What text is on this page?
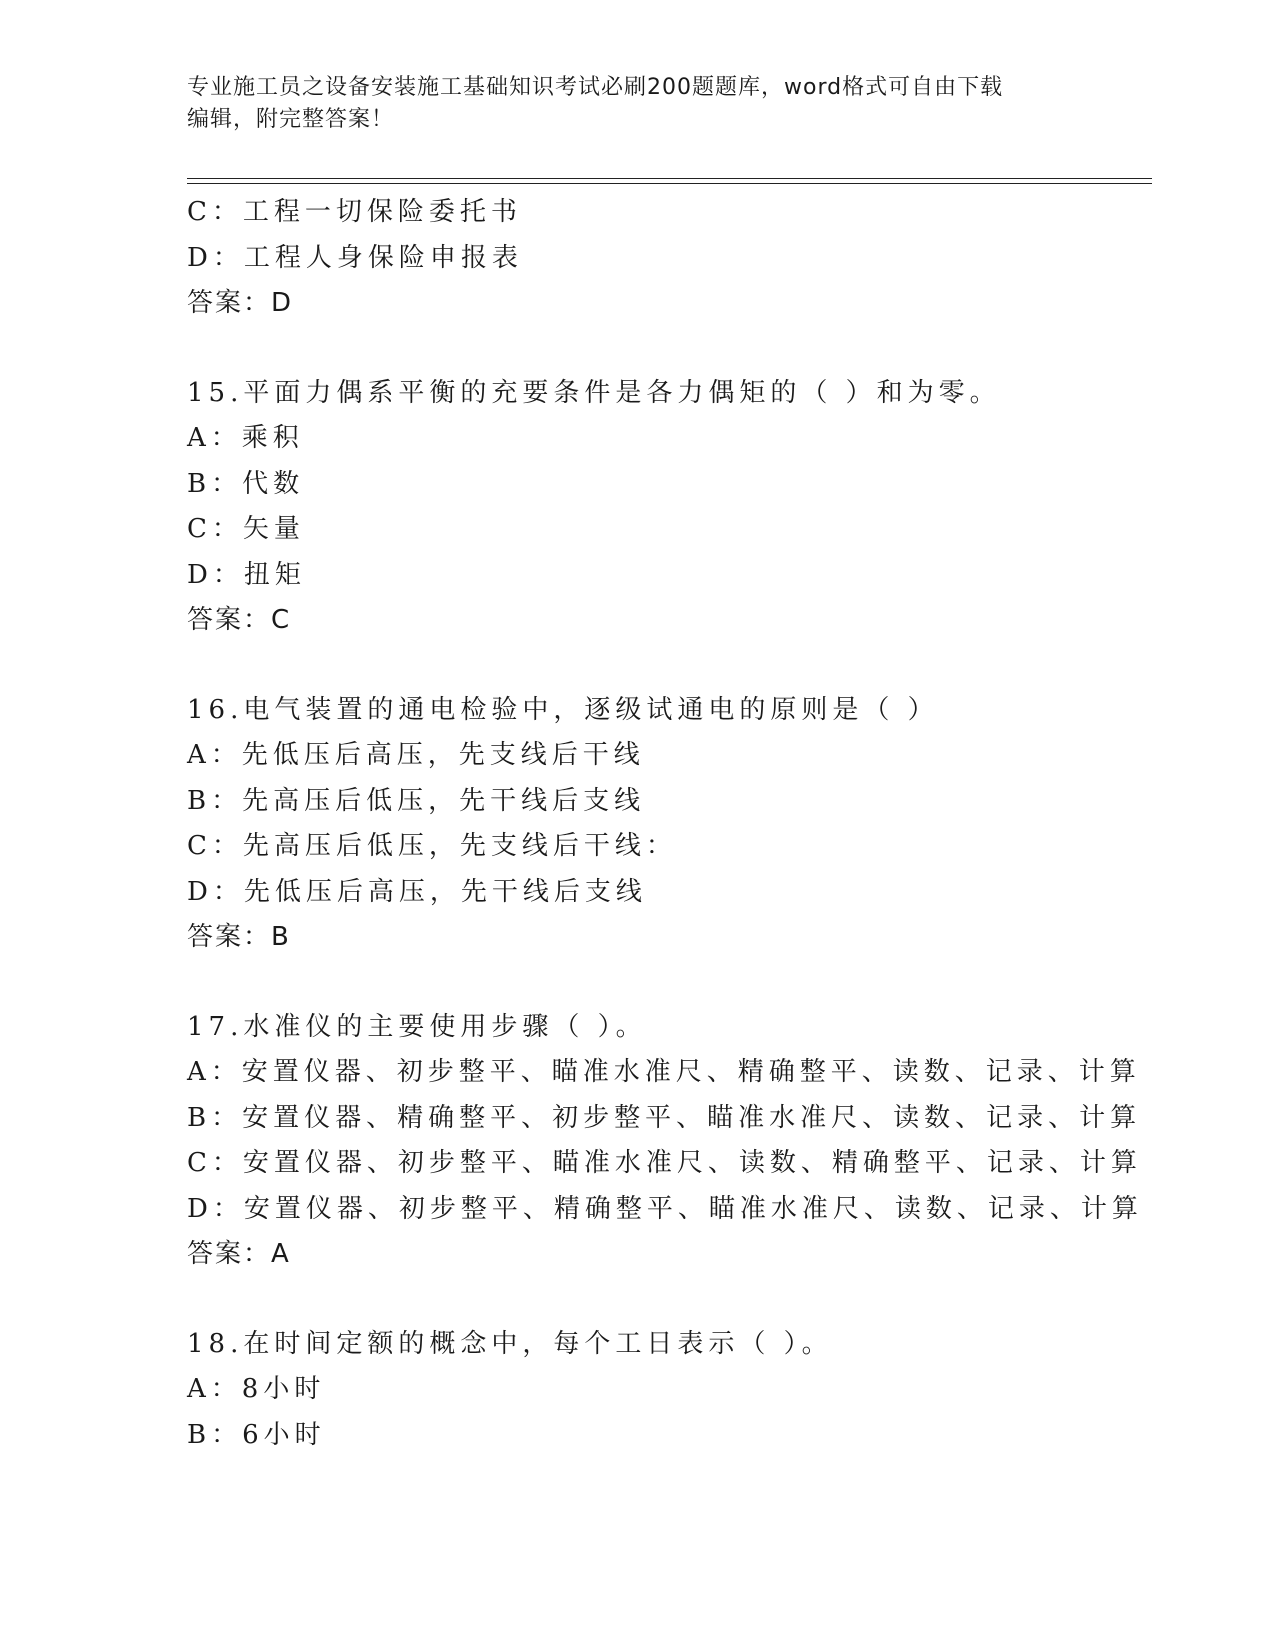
专业施工员之设备安装施工基础知识考试必刷200题题库，word格式可自由下载
编辑，附完整答案！
C：工程一切保险委托书
D：工程人身保险申报表
答案：D
15.平面力偶系平衡的充要条件是各力偶矩的（ ）和为零。
A：乘积
B：代数
C：矢量
D：扭矩
答案：C
16.电气装置的通电检验中，逐级试通电的原则是（ ）
A：先低压后高压，先支线后干线
B：先高压后低压，先干线后支线
C：先高压后低压，先支线后干线：
D：先低压后高压，先干线后支线
答案：B
17.水准仪的主要使用步骤（ ）。
A：安置仪器、初步整平、瞄准水准尺、精确整平、读数、记录、计算
B：安置仪器、精确整平、初步整平、瞄准水准尺、读数、记录、计算
C：安置仪器、初步整平、瞄准水准尺、读数、精确整平、记录、计算
D：安置仪器、初步整平、精确整平、瞄准水准尺、读数、记录、计算
答案：A
18.在时间定额的概念中，每个工日表示（ ）。
A：8小时
B：6小时
